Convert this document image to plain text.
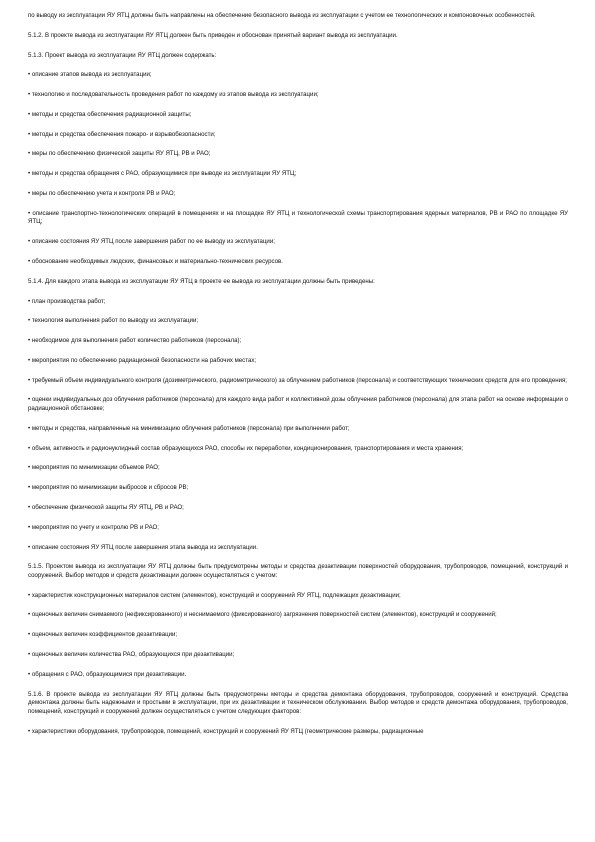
по выводу из эксплуатации ЯУ ЯТЦ должны быть направлены на обеспечение безопасного вывода из эксплуатации с учетом ее технологических и компоновочных особенностей.

5.1.2. В проекте вывода из эксплуатации ЯУ ЯТЦ должен быть приведен и обоснован принятый вариант вывода из эксплуатации.

5.1.3. Проект вывода из эксплуатации ЯУ ЯТЦ должен содержать:

• описание этапов вывода из эксплуатации;

• технологию и последовательность проведения работ по каждому из этапов вывода из эксплуатации;

• методы и средства обеспечения радиационной защиты;

• методы и средства обеспечения пожаро- и взрывобезопасности;

• меры по обеспечению физической защиты ЯУ ЯТЦ, РВ и РАО;

• методы и средства обращения с РАО, образующимися при выводе из эксплуатации ЯУ ЯТЦ;

• меры по обеспечению учета и контроля РВ и РАО;

• описание транспортно-технологических операций в помещениях и на площадке ЯУ ЯТЦ и технологической схемы транспортирования ядерных материалов, РВ и РАО по площадке ЯУ ЯТЦ;

• описание состояния ЯУ ЯТЦ после завершения работ по ее выводу из эксплуатации;

• обоснование необходимых людских, финансовых и материально-технических ресурсов.

5.1.4. Для каждого этапа вывода из эксплуатации ЯУ ЯТЦ в проекте ее вывода из эксплуатации должны быть приведены:

• план производства работ;

• технология выполнения работ по выводу из эксплуатации;

• необходимое для выполнения работ количество работников (персонала);

• мероприятия по обеспечению радиационной безопасности на рабочих местах;

• требуемый объем индивидуального контроля (дозиметрического, радиометрического) за облучением работников (персонала) и соответствующих технических средств для его проведения;

• оценки индивидуальных доз облучения работников (персонала) для каждого вида работ и коллективной дозы облучения работников (персонала) для этапа работ на основе информации о радиационной обстановке;

• методы и средства, направленные на минимизацию облучения работников (персонала) при выполнении работ;

• объем, активность и радионуклидный состав образующихся РАО, способы их переработки, кондиционирования, транспортирования и места хранения;

• мероприятия по минимизации объемов РАО;

• мероприятия по минимизации выбросов и сбросов РВ;

• обеспечение физической защиты ЯУ ЯТЦ, РВ и РАО;

• мероприятия по учету и контролю РВ и РАО;

• описание состояния ЯУ ЯТЦ после завершения этапа вывода из эксплуатации.

5.1.5. Проектом вывода из эксплуатации ЯУ ЯТЦ должны быть предусмотрены методы и средства дезактивации поверхностей оборудования, трубопроводов, помещений, конструкций и сооружений. Выбор методов и средств дезактивации должен осуществляться с учетом:

• характеристик конструкционных материалов систем (элементов), конструкций и сооружений ЯУ ЯТЦ, подлежащих дезактивации;

• оценочных величин снимаемого (нефиксированного) и неснимаемого (фиксированного) загрязнения поверхностей систем (элементов), конструкций и сооружений;

• оценочных величин коэффициентов дезактивации;

• оценочных величин количества РАО, образующихся при дезактивации;

• обращения с РАО, образующимися при дезактивации.

5.1.6. В проекте вывода из эксплуатации ЯУ ЯТЦ должны быть предусмотрены методы и средства демонтажа оборудования, трубопроводов, сооружений и конструкций. Средства демонтажа должны быть надежными и простыми в эксплуатации, при их дезактивации и техническом обслуживании. Выбор методов и средств демонтажа оборудования, трубопроводов, помещений, конструкций и сооружений должен осуществляться с учетом следующих факторов:

• характеристики оборудования, трубопроводов, помещений, конструкций и сооружений ЯУ ЯТЦ (геометрические размеры, радиационные
